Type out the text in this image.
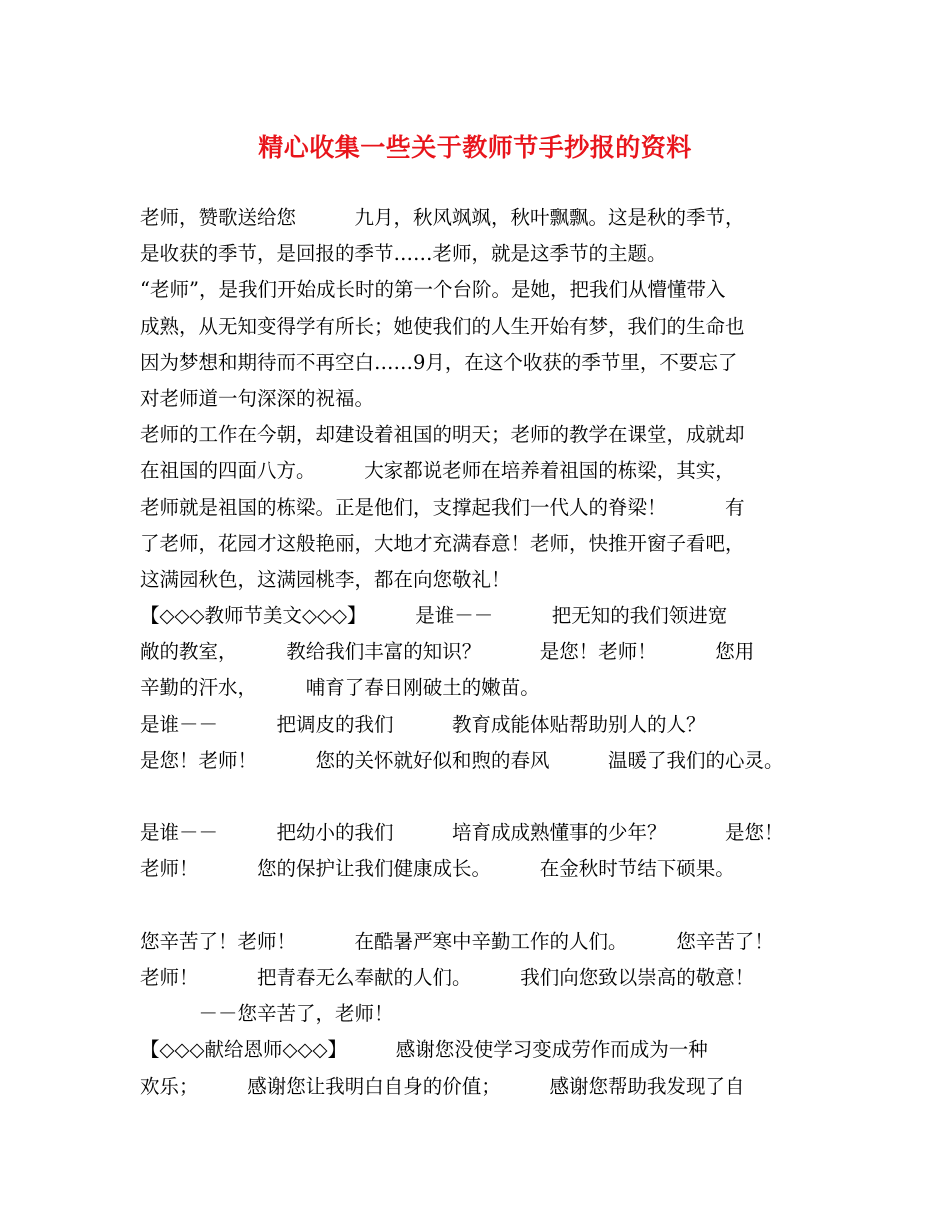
精心收集一些关于教师节手抄报的资料
老师，赞歌送给您　　　九月，秋风飒飒，秋叶飘飘。这是秋的季节，
是收获的季节，是回报的季节……老师，就是这季节的主题。
“老师”，是我们开始成长时的第一个台阶。是她，把我们从懵懂带入
成熟，从无知变得学有所长；她使我们的人生开始有梦，我们的生命也
因为梦想和期待而不再空白……9月，在这个收获的季节里，不要忘了
对老师道一句深深的祝福。
老师的工作在今朝，却建设着祖国的明天；老师的教学在课堂，成就却
在祖国的四面八方。　　　大家都说老师在培养着祖国的栋梁，其实，
老师就是祖国的栋梁。正是他们，支撑起我们一代人的脊梁！　　　有
了老师，花园才这般艳丽，大地才充满春意！老师，快推开窗子看吧，
这满园秋色，这满园桃李，都在向您敬礼！
【◇◇◇教师节美文◇◇◇】　　　是谁－－　　　把无知的我们领进宽
敞的教室，　　　教给我们丰富的知识？　　　是您！老师！　　　您用
辛勤的汗水，　　　哺育了春日刚破土的嫩苗。
是谁－－　　　把调皮的我们　　　教育成能体贴帮助别人的人？
是您！老师！　　　您的关怀就好似和煦的春风　　　温暖了我们的心灵。
是谁－－　　　把幼小的我们　　　培育成成熟懂事的少年？　　　是您！
老师！　　　您的保护让我们健康成长。　　　在金秋时节结下硕果。
您辛苦了！老师！　　　在酷暑严寒中辛勤工作的人们。　　　您辛苦了！
老师！　　　把青春无么奉献的人们。　　　我们向您致以崇高的敬意！
　　　－－您辛苦了，老师！
【◇◇◇献给恩师◇◇◇】　　　感谢您没使学习变成劳作而成为一种
欢乐；　　　感谢您让我明白自身的价值；　　　感谢您帮助我发现了自
